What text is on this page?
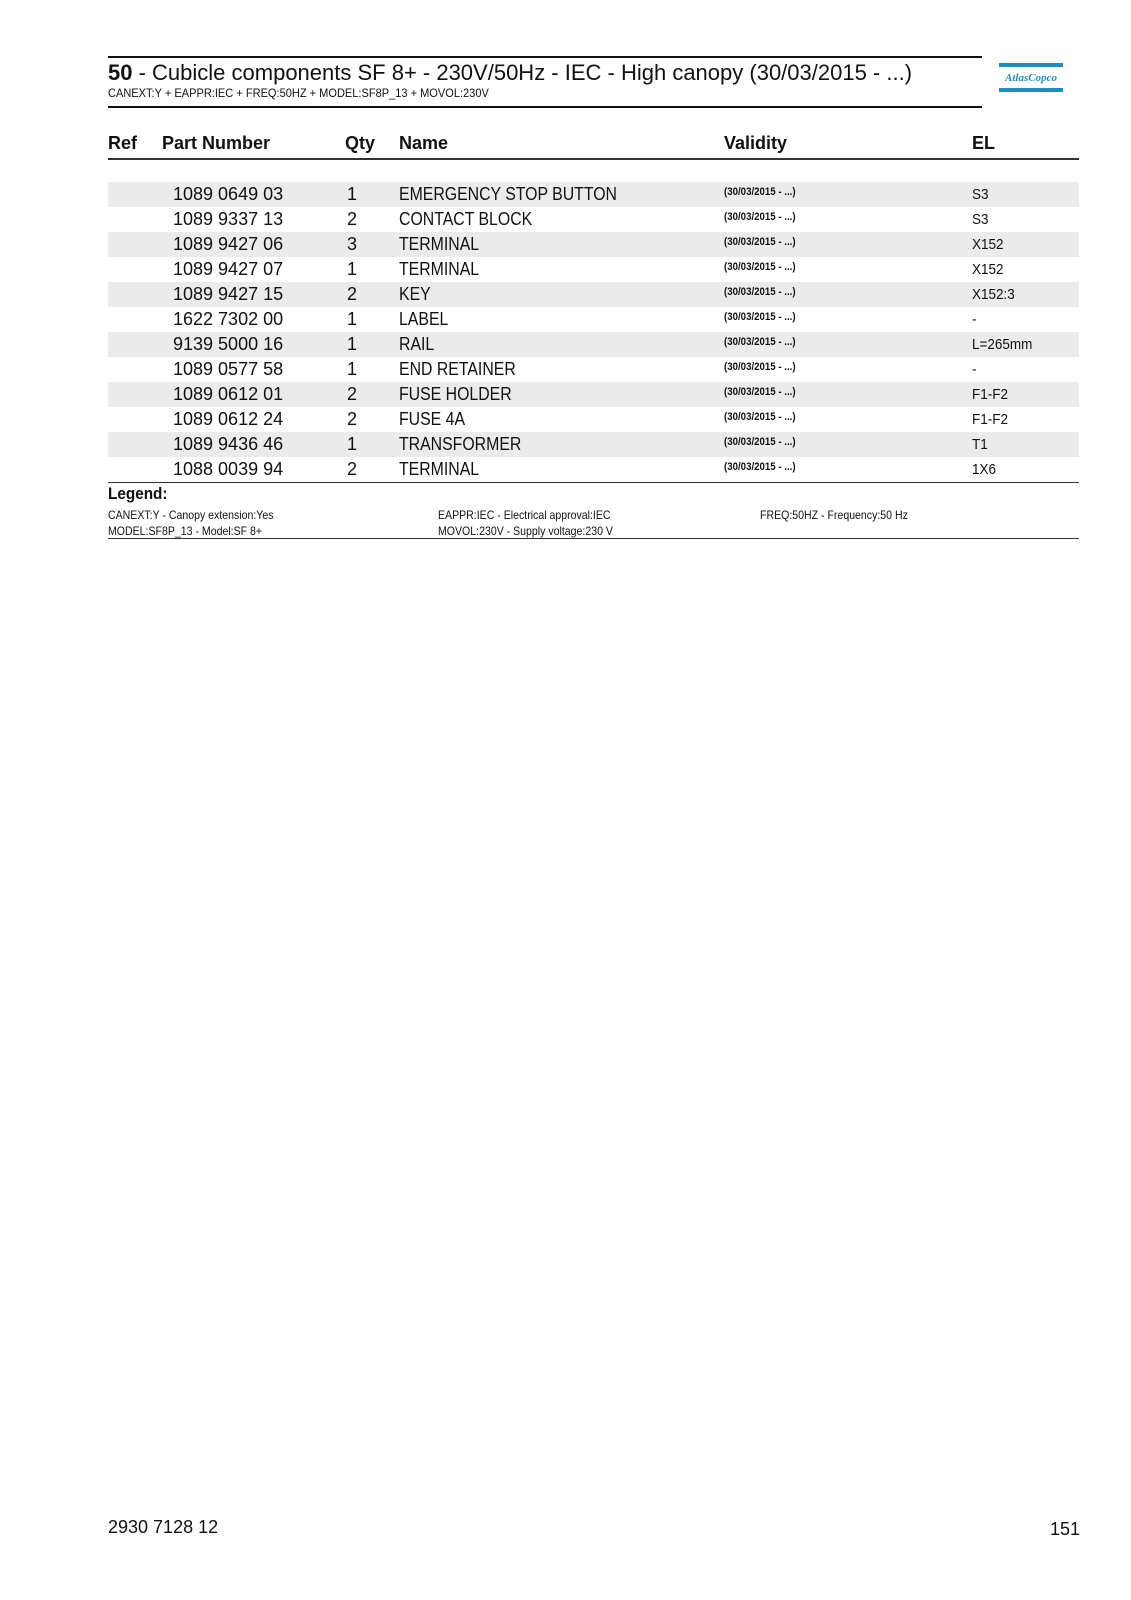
50 - Cubicle components SF 8+ - 230V/50Hz - IEC - High canopy (30/03/2015 - ...)
CANEXT:Y + EAPPR:IEC + FREQ:50HZ + MODEL:SF8P_13 + MOVOL:230V
AtlasCopco
Ref Part Number	Qty Name	Validity	EL
1089 0649 03	1 EMERGENCY STOP BUTTON	(30/03/2015 - ...)	S3
1089 9337 13	2 CONTACT BLOCK	(30/03/2015 - ...)	S3
1089 9427 06	3 TERMINAL	(30/03/2015 - ...)	X152
1089 9427 07	1 TERMINAL	(30/03/2015 - ...)	X152
1089 9427 15	2 KEY	(30/03/2015 - ...)	X152:3
1622 7302 00	1 LABEL	(30/03/2015 - ...)	-
9139 5000 16	1 RAIL	(30/03/2015 - ...)	L=265mm
1089 0577 58	1 END RETAINER	(30/03/2015 - ...)	-
1089 0612 01	2 FUSE HOLDER	(30/03/2015 - ...)	F1-F2
1089 0612 24	2 FUSE 4A	(30/03/2015 - ...)	F1-F2
1089 9436 46	1 TRANSFORMER	(30/03/2015 - ...)	T1
1088 0039 94	2 TERMINAL	(30/03/2015 - ...)	1X6
Legend:
CANEXT:Y - Canopy extension:Yes	EAPPR:IEC - Electrical approval:IEC	FREQ:50HZ - Frequency:50 Hz
MODEL:SF8P_13 - Model:SF 8+	MOVOL:230V - Supply voltage:230 V
2930 7128 12	151
